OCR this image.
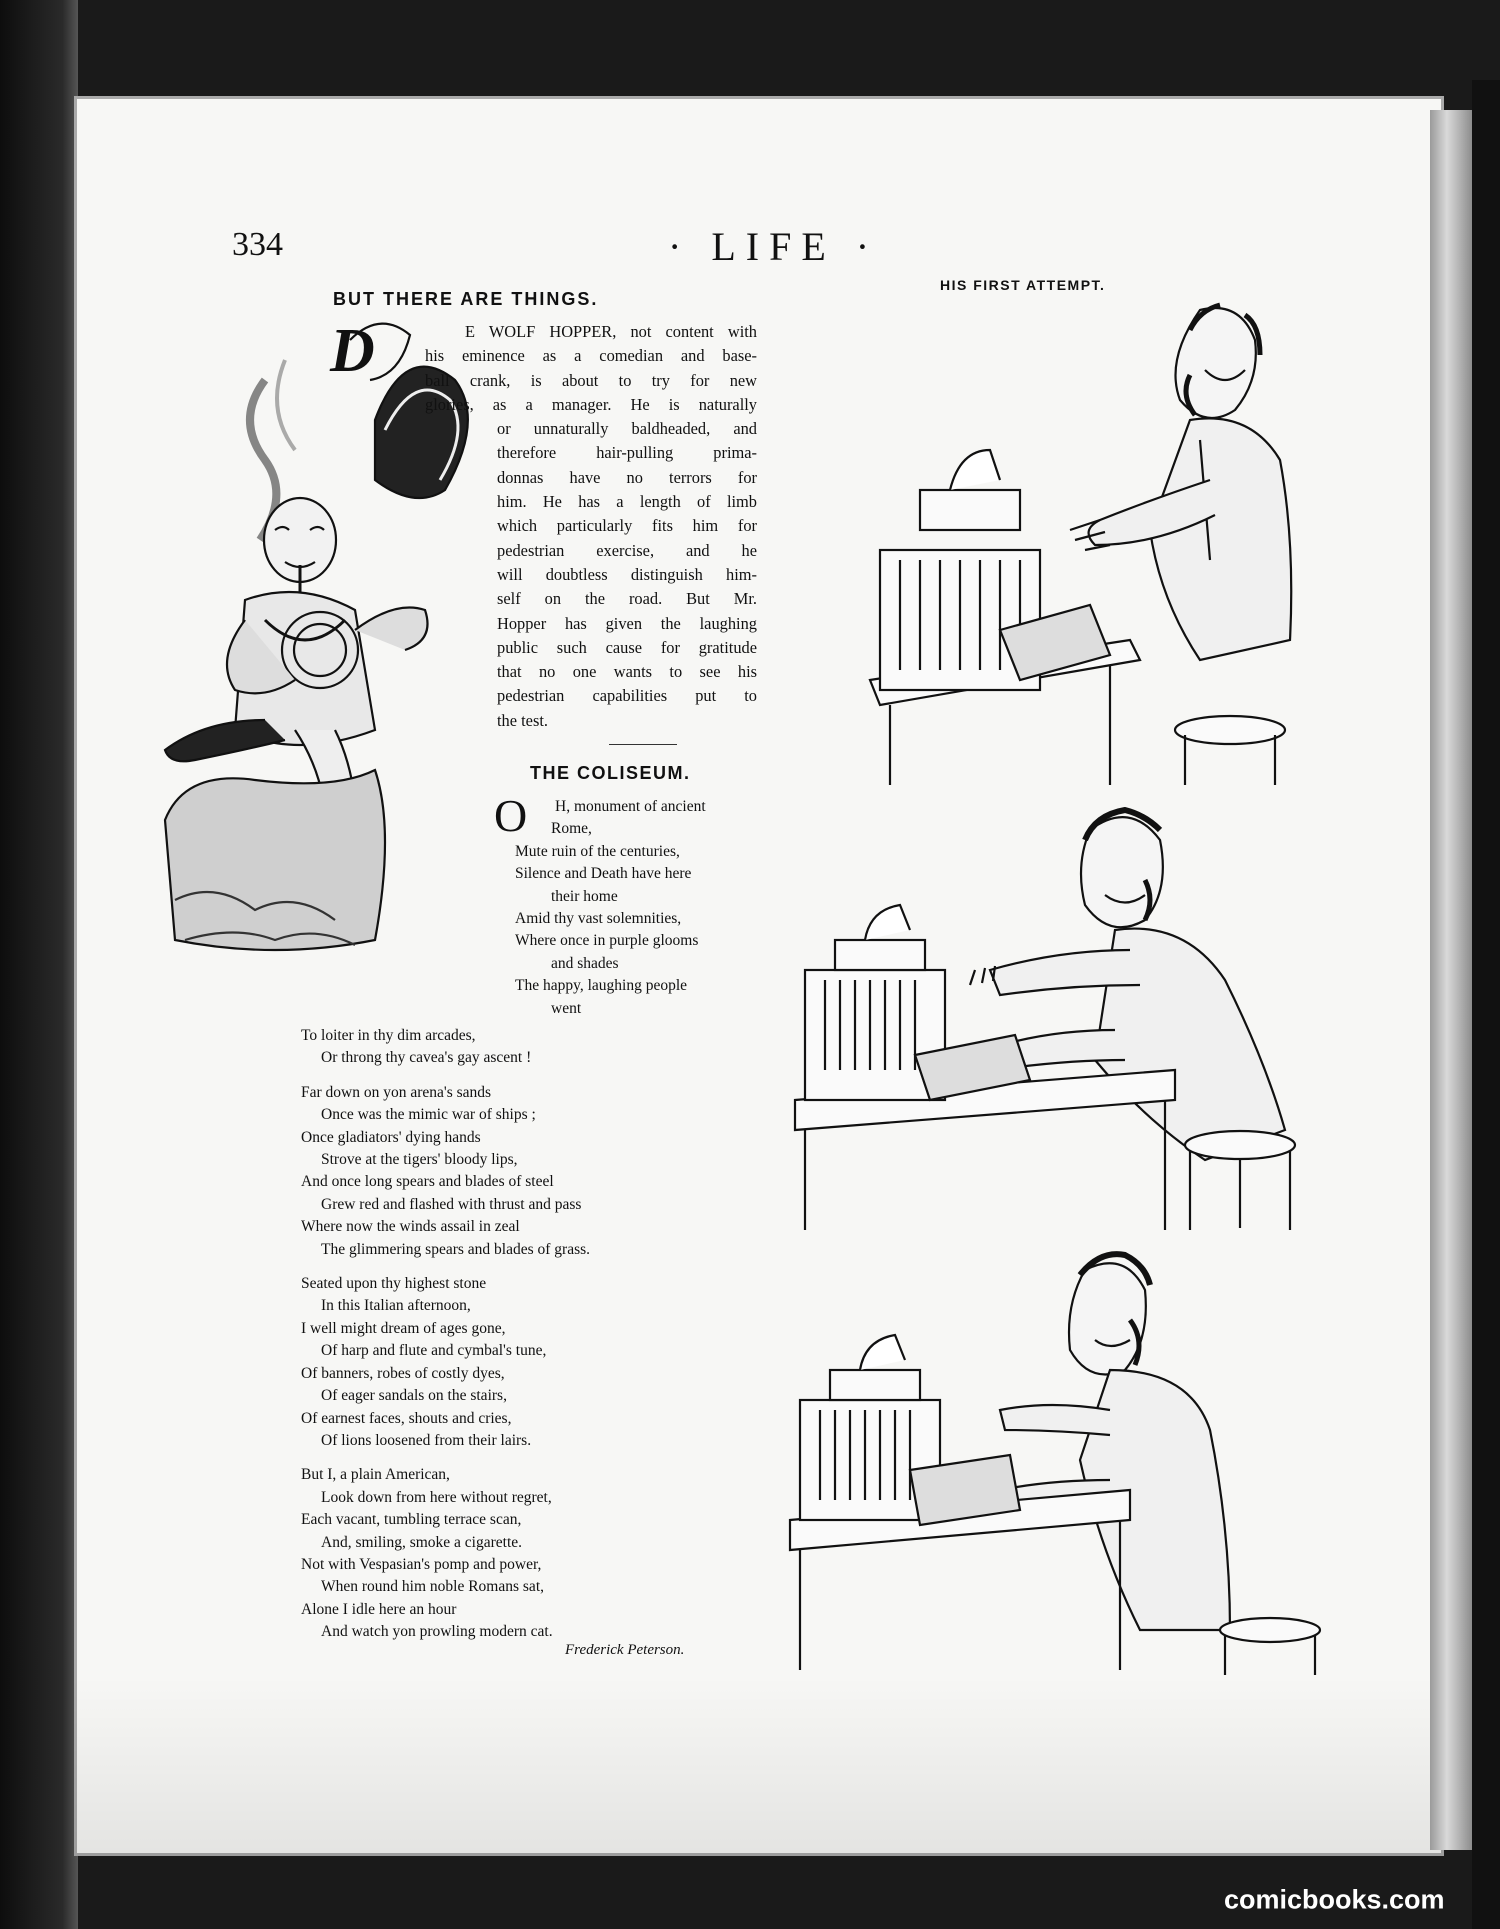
334	· LIFE ·
BUT THERE ARE THINGS.
HIS FIRST ATTEMPT.
D	E WOLF HOPPER, not content with
his eminence as a comedian and base-
ball crank, is about to try for new
glories, as a manager. He is naturally
or unnaturally baldheaded, and
therefore hair-pulling prima-
donnas have no terrors for
him. He has a length of limb
which particularly fits him for
pedestrian exercise, and he
will doubtless distinguish him-
self on the road. But Mr.
Hopper has given the laughing
public such cause for gratitude
that no one wants to see his
pedestrian capabilities put to
the test.
THE COLISEUM.
O	H, monument of ancient
Rome,
Mute ruin of the centuries,
Silence and Death have here
their home
Amid thy vast solemnities,
Where once in purple glooms
and shades
The happy, laughing people
went
To loiter in thy dim arcades,
Or throng thy cavea's gay ascent !
Far down on yon arena's sands
Once was the mimic war of ships ;
Once gladiators' dying hands
Strove at the tigers' bloody lips,
And once long spears and blades of steel
Grew red and flashed with thrust and pass
Where now the winds assail in zeal
The glimmering spears and blades of grass.
Seated upon thy highest stone
In this Italian afternoon,
I well might dream of ages gone,
Of harp and flute and cymbal's tune,
Of banners, robes of costly dyes,
Of eager sandals on the stairs,
Of earnest faces, shouts and cries,
Of lions loosened from their lairs.
But I, a plain American,
Look down from here without regret,
Each vacant, tumbling terrace scan,
And, smiling, smoke a cigarette.
Not with Vespasian's pomp and power,
When round him noble Romans sat,
Alone I idle here an hour
And watch yon prowling modern cat.
Frederick Peterson.
comicbooks.com
